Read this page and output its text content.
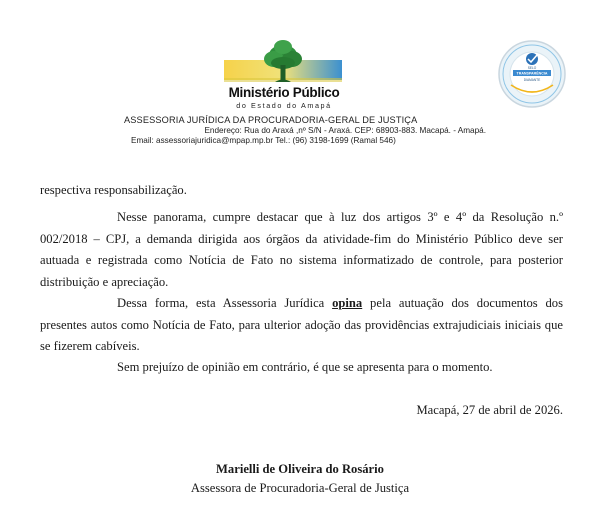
Ministério Público
do Estado do Amapá
SELO
TRANSPARÊNCIA
DIAMANTE
ASSESSORIA JURÍDICA DA PROCURADORIA-GERAL DE JUSTIÇA
Endereço: Rua do Araxá ,nº S/N - Araxá. CEP: 68903-883. Macapá. - Amapá.
Email: assessoriajuridica@mpap.mp.br Tel.: (96) 3198-1699 (Ramal 546)

respectiva responsabilização.

Nesse panorama, cumpre destacar que à luz dos artigos 3º e 4º da Resolução n.º 002/2018 – CPJ, a demanda dirigida aos órgãos da atividade-fim do Ministério Público deve ser autuada e registrada como Notícia de Fato no sistema informatizado de controle, para posterior distribuição e apreciação.

Dessa forma, esta Assessoria Jurídica opina pela autuação dos documentos dos presentes autos como Notícia de Fato, para ulterior adoção das providências extrajudiciais iniciais que se fizerem cabíveis.

Sem prejuízo de opinião em contrário, é que se apresenta para o momento.

Macapá, 27 de abril de 2026.
Marielli de Oliveira do Rosário
Assessora de Procuradoria-Geral de Justiça
